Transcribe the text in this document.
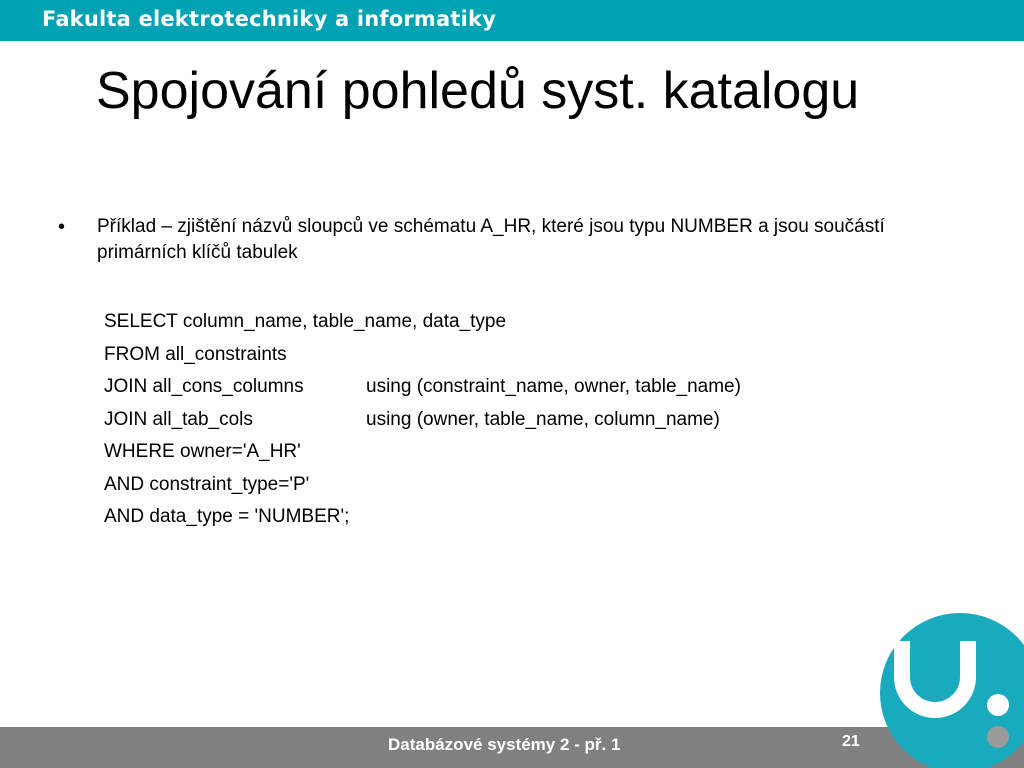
Fakulta elektrotechniky a informatiky
Spojování pohledů syst. katalogu
• Příklad – zjištění názvů sloupců ve schématu A_HR, které jsou typu NUMBER a jsou součástí primárních klíčů tabulek
SELECT column_name, table_name, data_type
FROM all_constraints
JOIN all_cons_columns	using (constraint_name, owner, table_name)
JOIN all_tab_cols	using (owner, table_name, column_name)
WHERE owner='A_HR'
AND constraint_type='P'
AND data_type = 'NUMBER';
Databázové systémy 2 - př. 1	21
